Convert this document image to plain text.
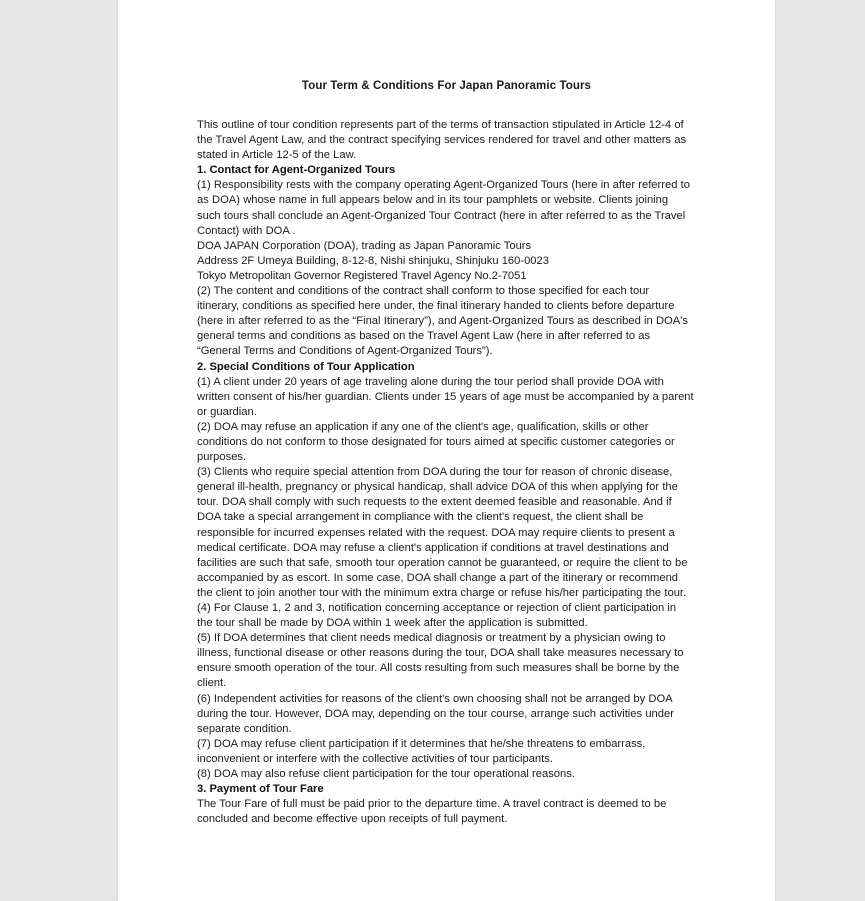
Tour Term & Conditions For Japan Panoramic Tours

This outline of tour condition represents part of the terms of transaction stipulated in Article 12-4 of the Travel Agent Law, and the contract specifying services rendered for travel and other matters as stated in Article 12-5 of the Law.

1. Contact for Agent-Organized Tours

(1) Responsibility rests with the company operating Agent-Organized Tours (here in after referred to as DOA) whose name in full appears below and in its tour pamphlets or website. Clients joining such tours shall conclude an Agent-Organized Tour Contract (here in after referred to as the Travel Contact) with DOA .

DOA JAPAN Corporation (DOA), trading as Japan Panoramic Tours

Address 2F Umeya Building, 8-12-8, Nishi shinjuku, Shinjuku 160-0023

Tokyo Metropolitan Governor Registered Travel Agency No.2-7051

(2) The content and conditions of the contract shall conform to those specified for each tour itinerary, conditions as specified here under, the final itinerary handed to clients before departure (here in after referred to as the “Final Itinerary”), and Agent-Organized Tours as described in DOA's general terms and conditions as based on the Travel Agent Law (here in after referred to as “General Terms and Conditions of Agent-Organized Tours”).

2. Special Conditions of Tour Application

(1) A client under 20 years of age traveling alone during the tour period shall provide DOA with written consent of his/her guardian. Clients under 15 years of age must be accompanied by a parent or guardian.

(2) DOA may refuse an application if any one of the client's age, qualification, skills or other conditions do not conform to those designated for tours aimed at specific customer categories or purposes.

(3) Clients who require special attention from DOA during the tour for reason of chronic disease, general ill-health, pregnancy or physical handicap, shall advice DOA of this when applying for the tour. DOA shall comply with such requests to the extent deemed feasible and reasonable. And if DOA take a special arrangement in compliance with the client's request, the client shall be responsible for incurred expenses related with the request. DOA may require clients to present a medical certificate. DOA may refuse a client's application if conditions at travel destinations and facilities are such that safe, smooth tour operation cannot be guaranteed, or require the client to be accompanied by as escort. In some case, DOA shall change a part of the itinerary or recommend the client to join another tour with the minimum extra charge or refuse his/her participating the tour.

(4) For Clause 1, 2 and 3, notification concerning acceptance or rejection of client participation in the tour shall be made by DOA within 1 week after the application is submitted.

(5) If DOA determines that client needs medical diagnosis or treatment by a physician owing to illness, functional disease or other reasons during the tour, DOA shall take measures necessary to ensure smooth operation of the tour. All costs resulting from such measures shall be borne by the client.

(6) Independent activities for reasons of the client's own choosing shall not be arranged by DOA during the tour. However, DOA may, depending on the tour course, arrange such activities under separate condition.

(7) DOA may refuse client participation if it determines that he/she threatens to embarrass, inconvenient or interfere with the collective activities of tour participants.

(8) DOA may also refuse client participation for the tour operational reasons.

3. Payment of Tour Fare

The Tour Fare of full must be paid prior to the departure time. A travel contract is deemed to be concluded and become effective upon receipts of full payment.
